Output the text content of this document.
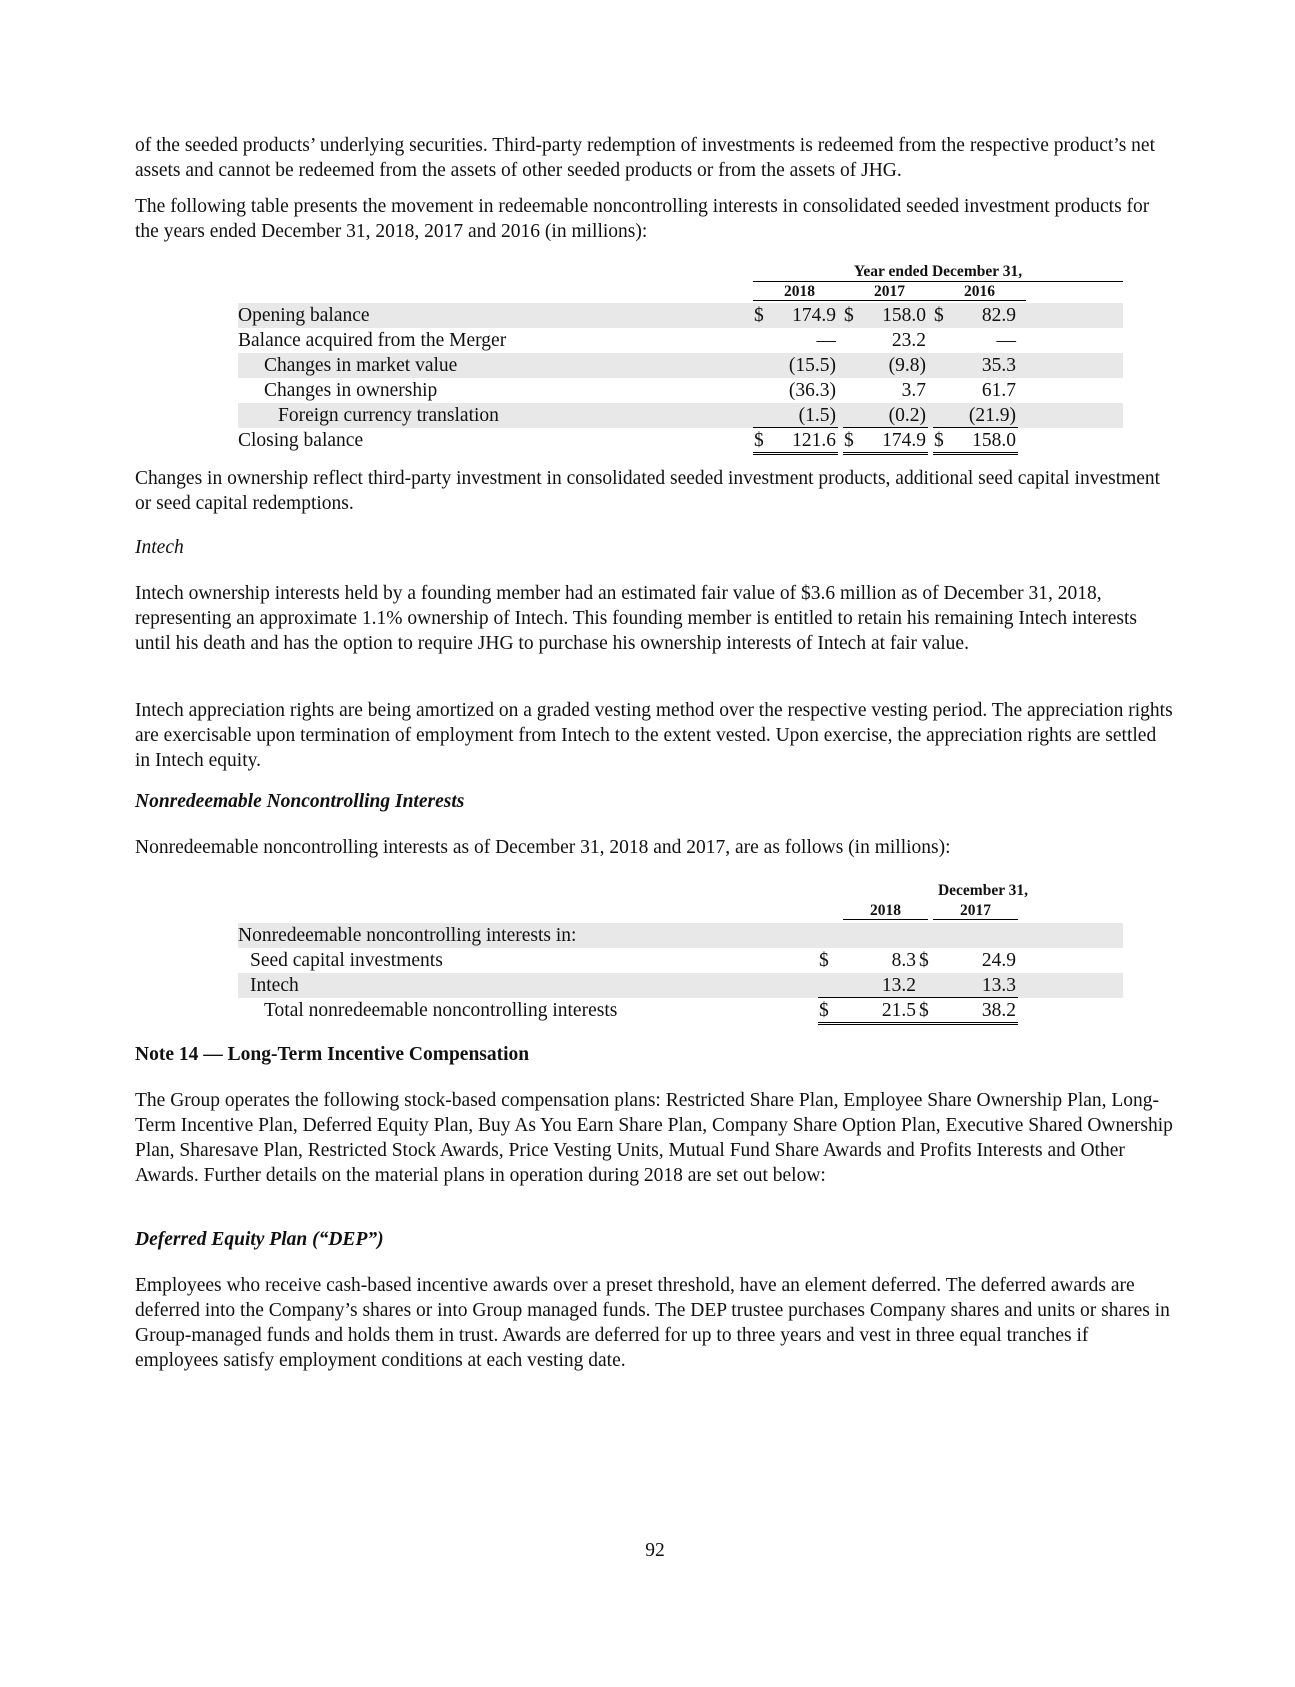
of the seeded products’ underlying securities. Third-party redemption of investments is redeemed from the respective product’s net assets and cannot be redeemed from the assets of other seeded products or from the assets of JHG.

The following table presents the movement in redeemable noncontrolling interests in consolidated seeded investment products for the years ended December 31, 2018, 2017 and 2016 (in millions):

Year ended December 31,
2018	2017	2016
Opening balance	$ 174.9 $ 158.0 $ 82.9
Balance acquired from the Merger	—	23.2	—
Changes in market value	(15.5)	(9.8)	35.3
Changes in ownership	(36.3)	3.7	61.7
Foreign currency translation	(1.5)	(0.2) (21.9)
Closing balance	$ 121.6 $ 174.9 $ 158.0

Changes in ownership reflect third-party investment in consolidated seeded investment products, additional seed capital investment or seed capital redemptions.

Intech

Intech ownership interests held by a founding member had an estimated fair value of $3.6 million as of December 31, 2018, representing an approximate 1.1% ownership of Intech. This founding member is entitled to retain his remaining Intech interests until his death and has the option to require JHG to purchase his ownership interests of Intech at fair value.

Intech appreciation rights are being amortized on a graded vesting method over the respective vesting period. The appreciation rights are exercisable upon termination of employment from Intech to the extent vested. Upon exercise, the appreciation rights are settled in Intech equity.

Nonredeemable Noncontrolling Interests

Nonredeemable noncontrolling interests as of December 31, 2018 and 2017, are as follows (in millions):

December 31,
2018	2017
Nonredeemable noncontrolling interests in:
Seed capital investments	$	8.3 $	24.9
Intech	13.2	13.3
Total nonredeemable noncontrolling interests	$	21.5 $	38.2

Note 14 — Long-Term Incentive Compensation

The Group operates the following stock-based compensation plans: Restricted Share Plan, Employee Share Ownership Plan, Long-Term Incentive Plan, Deferred Equity Plan, Buy As You Earn Share Plan, Company Share Option Plan, Executive Shared Ownership Plan, Sharesave Plan, Restricted Stock Awards, Price Vesting Units, Mutual Fund Share Awards and Profits Interests and Other Awards. Further details on the material plans in operation during 2018 are set out below:

Deferred Equity Plan (“DEP”)

Employees who receive cash-based incentive awards over a preset threshold, have an element deferred. The deferred awards are deferred into the Company’s shares or into Group managed funds. The DEP trustee purchases Company shares and units or shares in Group-managed funds and holds them in trust. Awards are deferred for up to three years and vest in three equal tranches if employees satisfy employment conditions at each vesting date.

92
